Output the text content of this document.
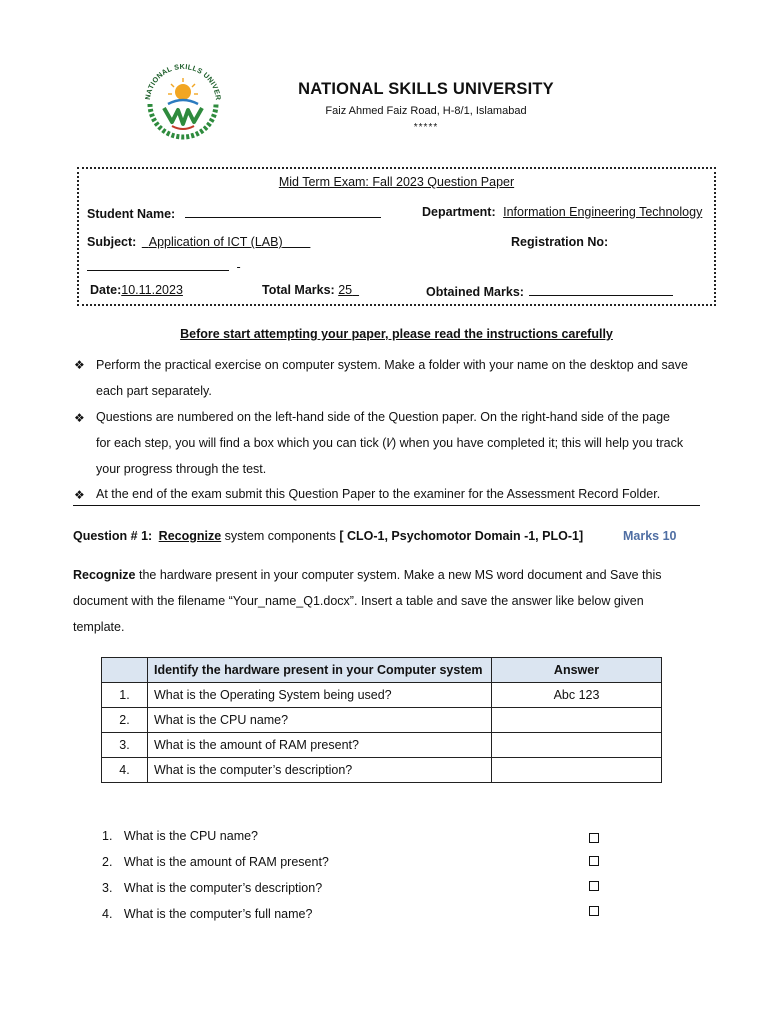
NATIONAL SKILLS UNIVER	NATIONAL SKILLS UNIVERSITY
Faiz Ahmed Faiz Road, H-8/1, Islamabad
*****
Mid Term Exam: Fall 2023 Question Paper
Student Name:	Department: Information Engineering Technology
Subject: Application of ICT (LAB)	Registration No:
-
Date:10.11.2023	Total Marks: 25	Obtained Marks:
Before start attempting your paper, please read the instructions carefully
❖ Perform the practical exercise on computer system. Make a folder with your name on the desktop and save
each part separately.
❖ Questions are numbered on the left-hand side of the Question paper. On the right-hand side of the page
for each step, you will find a box which you can tick (I⁄) when you have completed it; this will help you track
your progress through the test.
❖ At the end of the exam submit this Question Paper to the examiner for the Assessment Record Folder.
Question # 1: Recognize system components [ CLO-1, Psychomotor Domain -1, PLO-1]	Marks 10
Recognize the hardware present in your computer system. Make a new MS word document and Save this
document with the filename “Your_name_Q1.docx”. Insert a table and save the answer like below given
template.
	Identify the hardware present in your Computer system	Answer
1.	What is the Operating System being used?	Abc 123
2.	What is the CPU name?	
3.	What is the amount of RAM present?	
4.	What is the computer’s description?	
1. What is the CPU name?
2. What is the amount of RAM present?
3. What is the computer’s description?
4. What is the computer’s full name?
